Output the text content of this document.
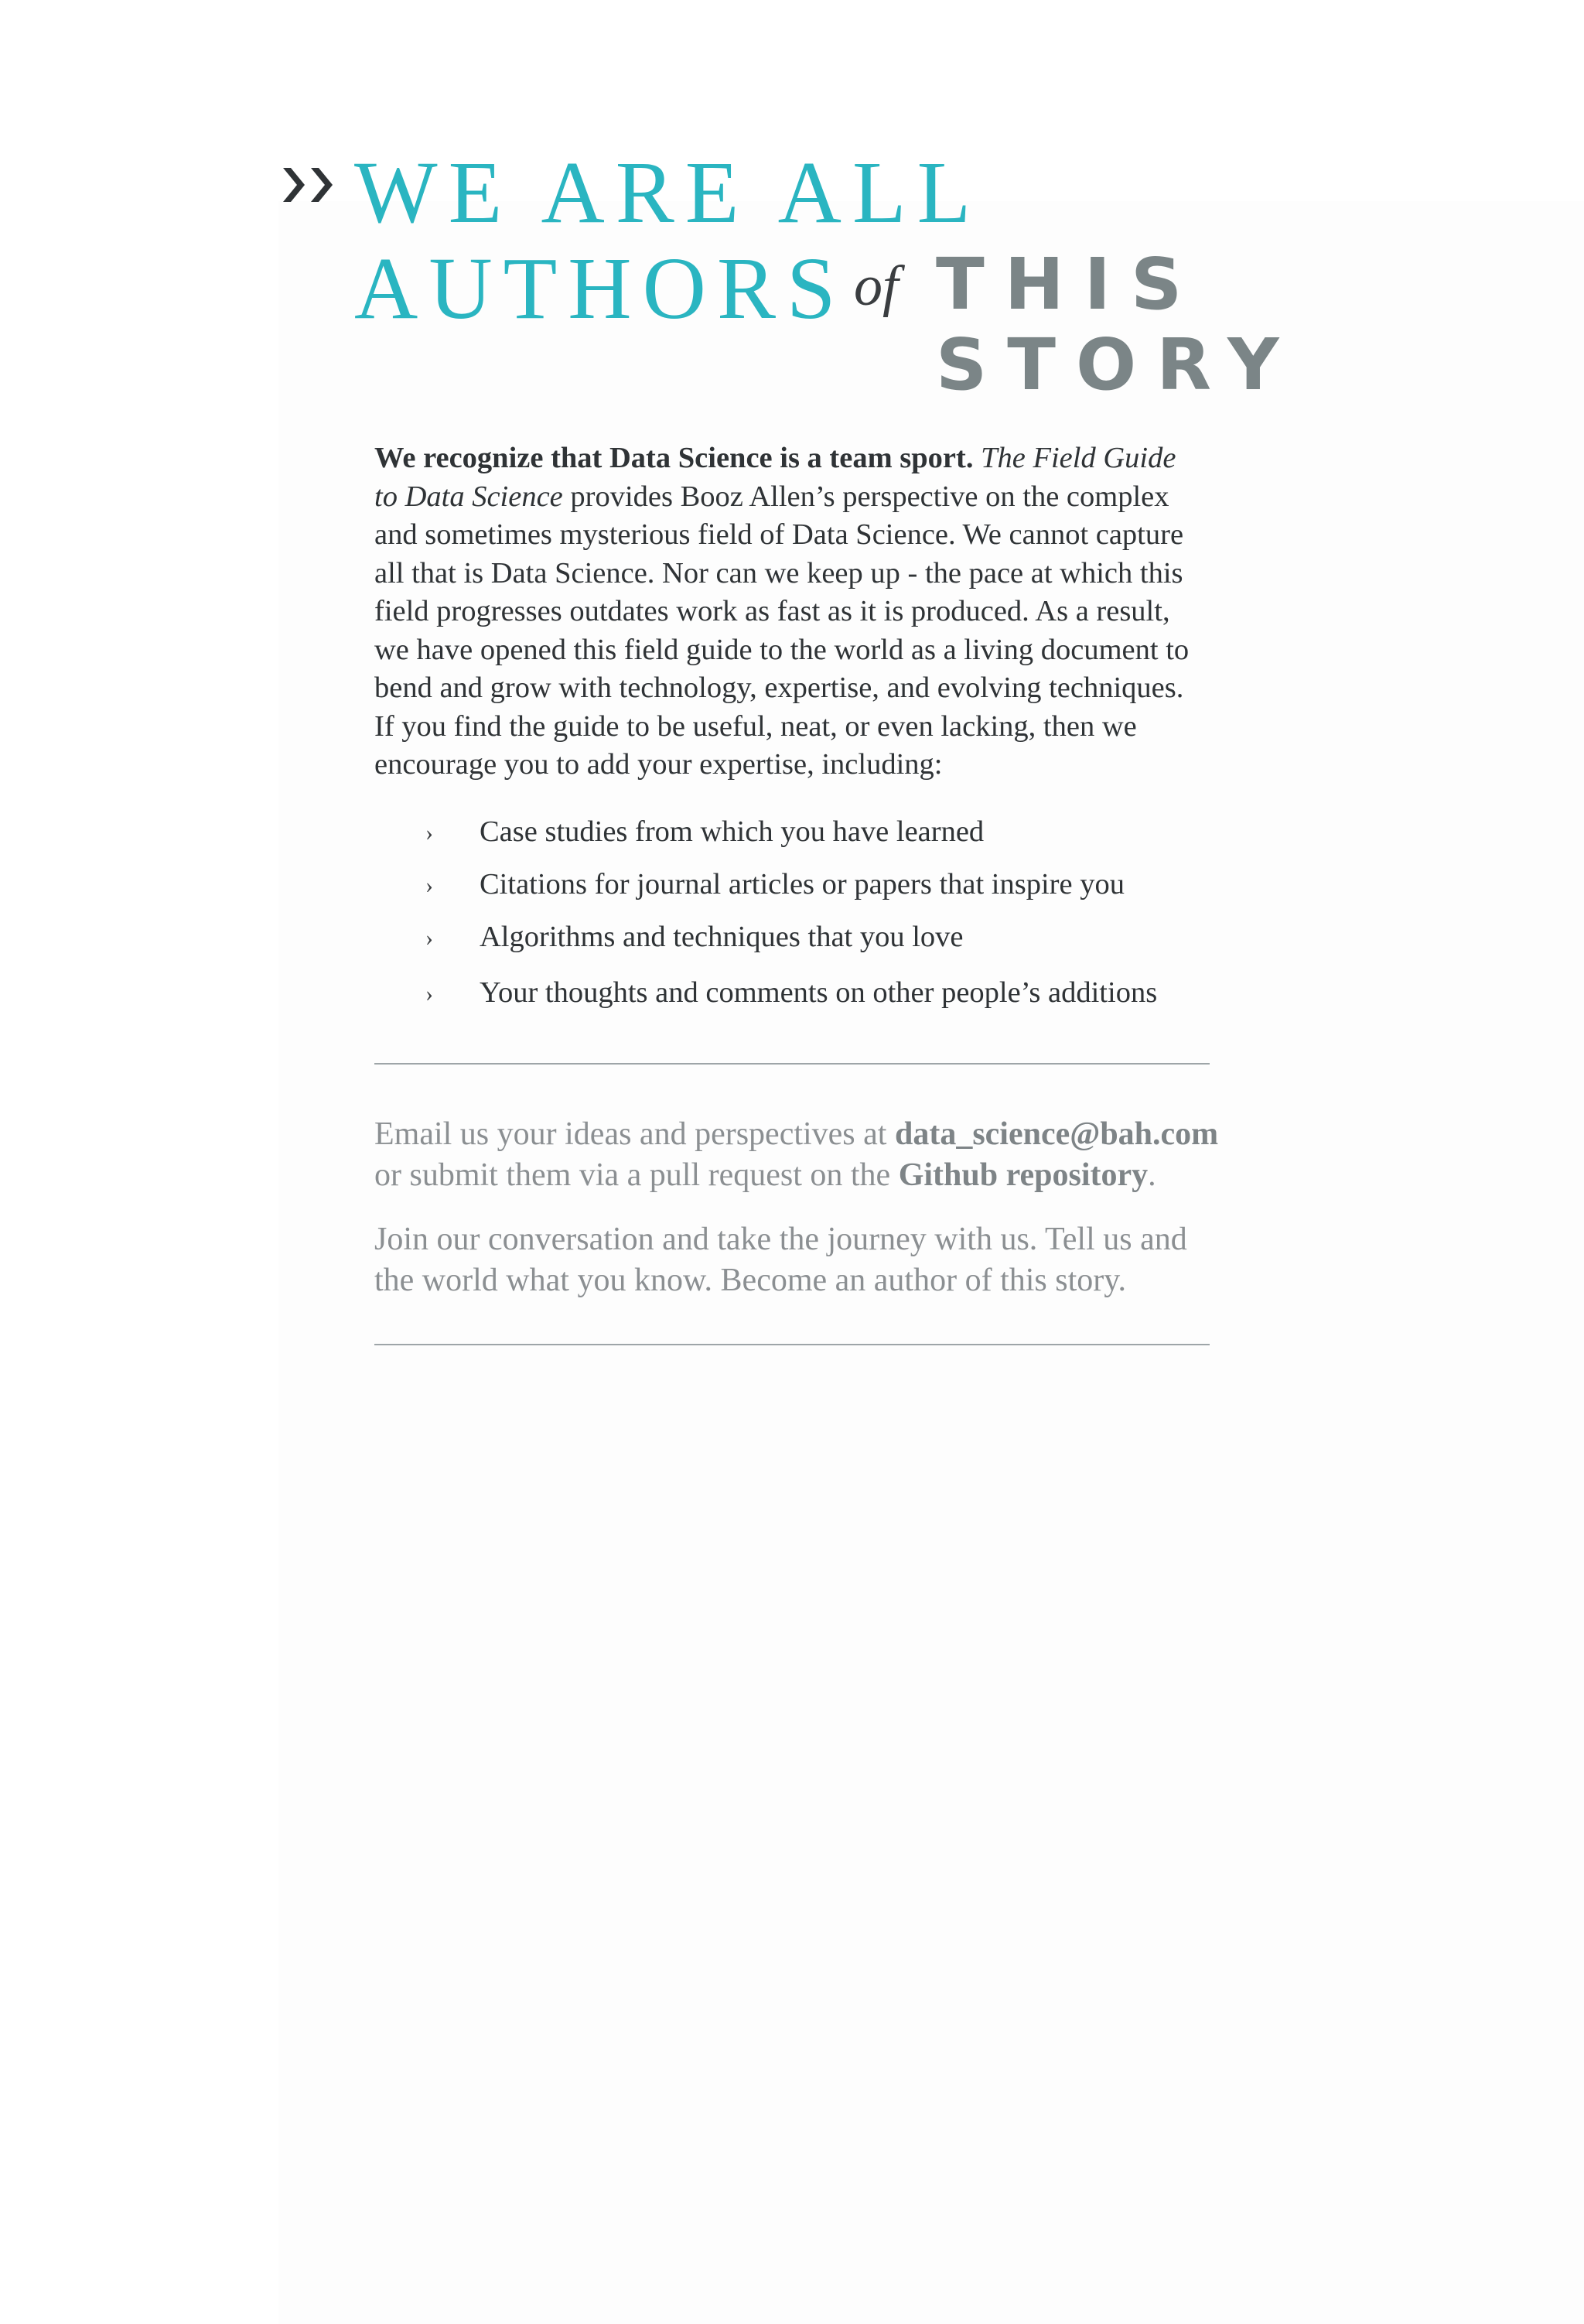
WE ARE ALL
AUTHORS of THIS
STORY

We recognize that Data Science is a team sport. The Field Guide to Data Science provides Booz Allen’s perspective on the complex and sometimes mysterious field of Data Science. We cannot capture all that is Data Science. Nor can we keep up - the pace at which this field progresses outdates work as fast as it is produced. As a result, we have opened this field guide to the world as a living document to bend and grow with technology, expertise, and evolving techniques. If you find the guide to be useful, neat, or even lacking, then we encourage you to add your expertise, including:

› Case studies from which you have learned
› Citations for journal articles or papers that inspire you
› Algorithms and techniques that you love
› Your thoughts and comments on other people’s additions

Email us your ideas and perspectives at data_science@bah.com or submit them via a pull request on the Github repository.

Join our conversation and take the journey with us. Tell us and the world what you know. Become an author of this story.
